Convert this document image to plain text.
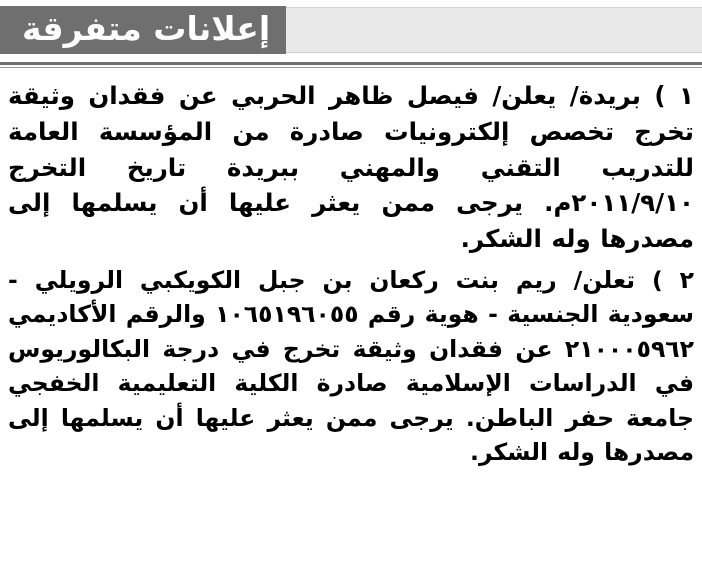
إعلانات متفرقة

١ ) بريدة/ يعلن/ فيصل ظاهر الحربي عن فقدان وثيقة تخرج تخصص إلكترونيات صادرة من المؤسسة العامة للتدريب التقني والمهني ببريدة تاريخ التخرج ٢٠١١/٩/١٠م. يرجى ممن يعثر عليها أن يسلمها إلى مصدرها وله الشكر.

٢ ) تعلن/ ريم بنت ركعان بن جبل الكويكبي الرويلي - سعودية الجنسية - هوية رقم ١٠٦٥١٩٦٠٥٥ والرقم الأكاديمي ٢١٠٠٠٥٩٦٢ عن فقدان وثيقة تخرج في درجة البكالوريوس في الدراسات الإسلامية صادرة الكلية التعليمية الخفجي جامعة حفر الباطن. يرجى ممن يعثر عليها أن يسلمها إلى مصدرها وله الشكر.
